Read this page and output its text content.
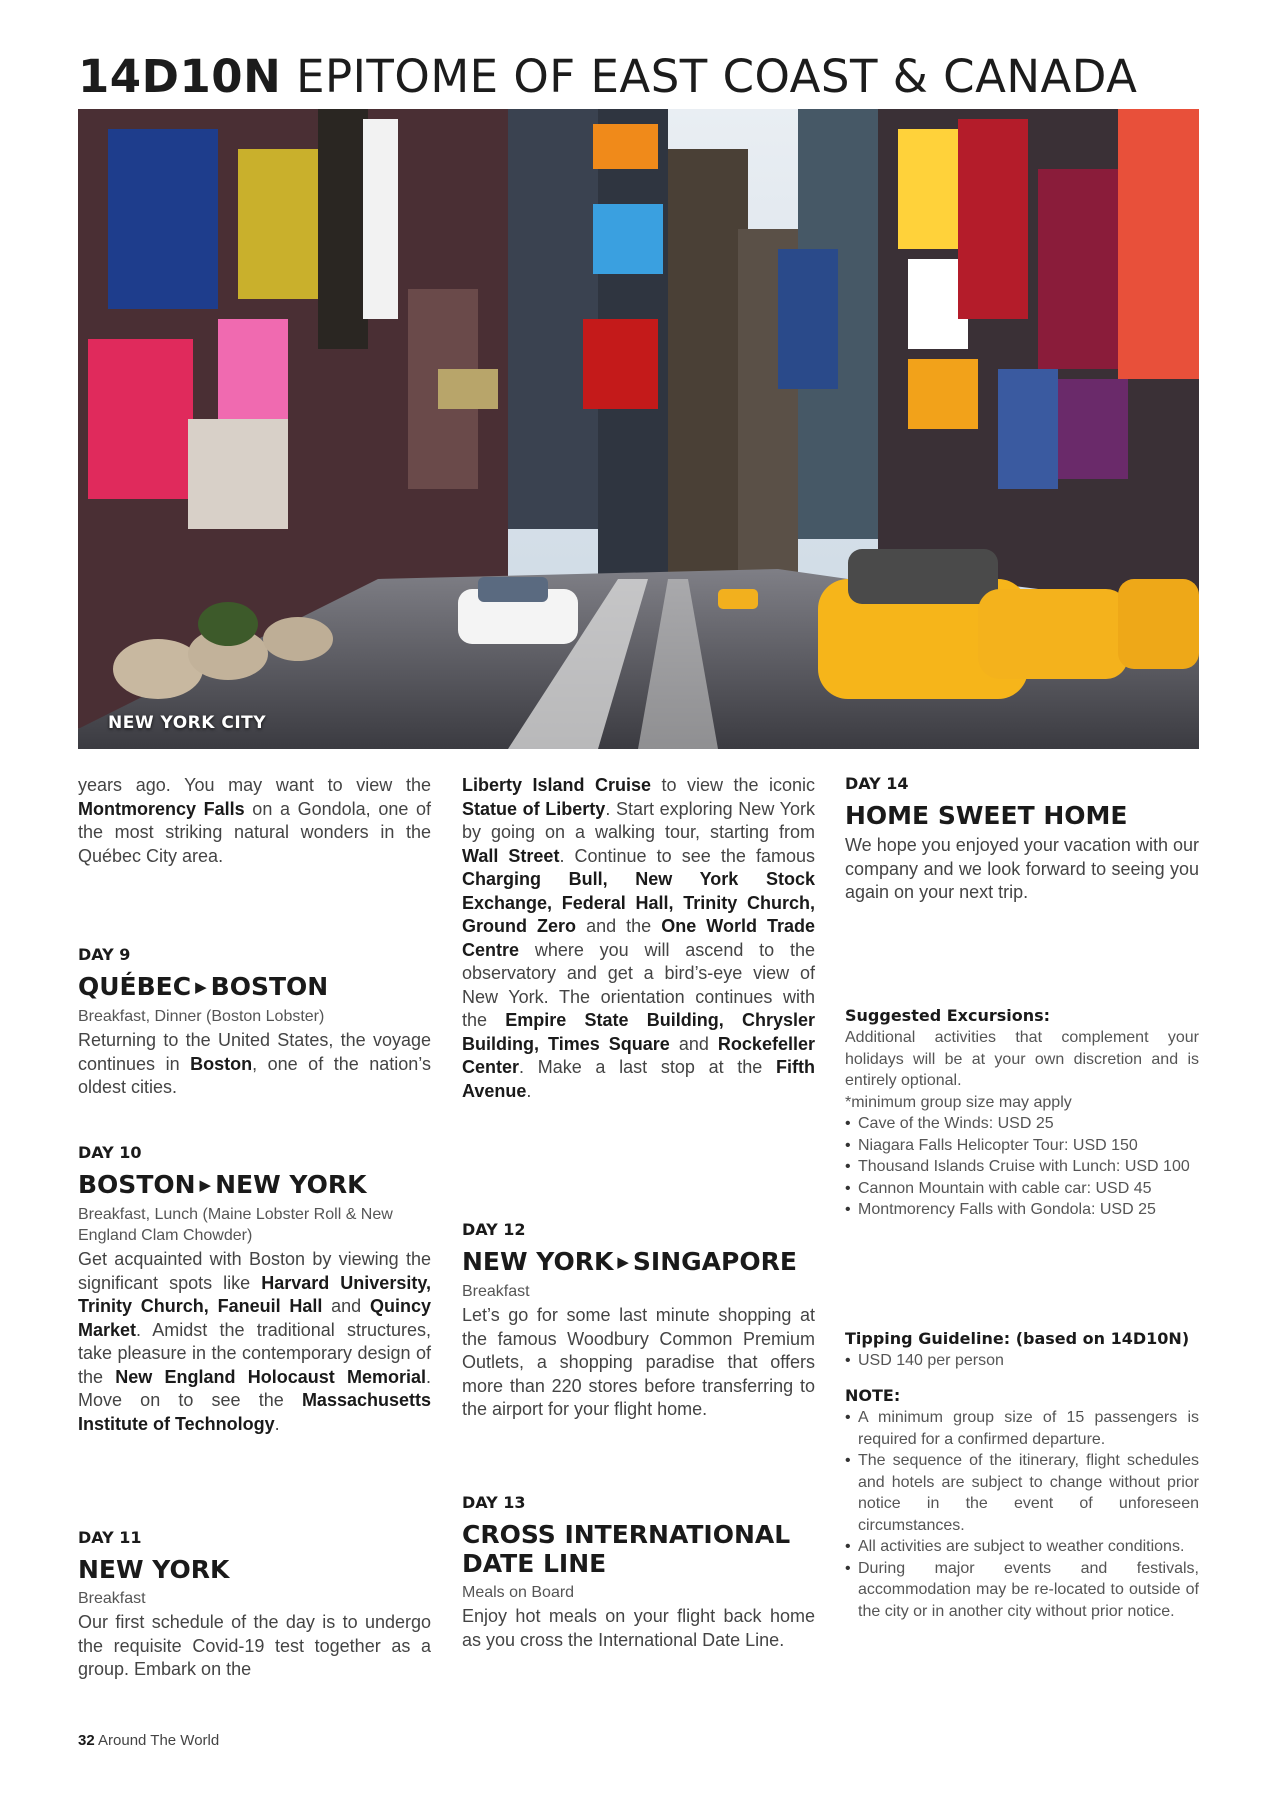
14D10N EPITOME OF EAST COAST & CANADA
NEW YORK CITY

years ago. You may want to view the Montmorency Falls on a Gondola, one of the most striking natural wonders in the Québec City area.

DAY 9
QUÉBEC ▶ BOSTON
Breakfast, Dinner (Boston Lobster)

Returning to the United States, the voyage continues in Boston, one of the nation’s oldest cities.

DAY 10
BOSTON ▶ NEW YORK
Breakfast, Lunch (Maine Lobster Roll & New England Clam Chowder)

Get acquainted with Boston by viewing the significant spots like Harvard University, Trinity Church, Faneuil Hall and Quincy Market. Amidst the traditional structures, take pleasure in the contemporary design of the New England Holocaust Memorial. Move on to see the Massachusetts Institute of Technology.

DAY 11
NEW YORK
Breakfast

Our first schedule of the day is to undergo the requisite Covid-19 test together as a group. Embark on the

Liberty Island Cruise to view the iconic Statue of Liberty. Start exploring New York by going on a walking tour, starting from Wall Street. Continue to see the famous Charging Bull, New York Stock Exchange, Federal Hall, Trinity Church, Ground Zero and the One World Trade Centre where you will ascend to the observatory and get a bird’s-eye view of New York. The orientation continues with the Empire State Building, Chrysler Building, Times Square and Rockefeller Center. Make a last stop at the Fifth Avenue.

DAY 12
NEW YORK ▶ SINGAPORE
Breakfast

Let’s go for some last minute shopping at the famous Woodbury Common Premium Outlets, a shopping paradise that offers more than 220 stores before transferring to the airport for your flight home.

DAY 13
CROSS INTERNATIONAL
DATE LINE
Meals on Board

Enjoy hot meals on your flight back home as you cross the International Date Line.

DAY 14
HOME SWEET HOME

We hope you enjoyed your vacation with our company and we look forward to seeing you again on your next trip.

Suggested Excursions:

Additional activities that complement your holidays will be at your own discretion and is entirely optional.

*minimum group size may apply

• Cave of the Winds: USD 25
• Niagara Falls Helicopter Tour: USD 150
• Thousand Islands Cruise with Lunch: USD 100
• Cannon Mountain with cable car: USD 45
• Montmorency Falls with Gondola: USD 25
Tipping Guideline: (based on 14D10N)
• USD 140 per person
NOTE:
• A minimum group size of 15 passengers is required for a confirmed departure.
• The sequence of the itinerary, flight schedules and hotels are subject to change without prior notice in the event of unforeseen circumstances.
• All activities are subject to weather conditions.
• During major events and festivals, accommodation may be re-located to outside of the city or in another city without prior notice.
32 Around The World
